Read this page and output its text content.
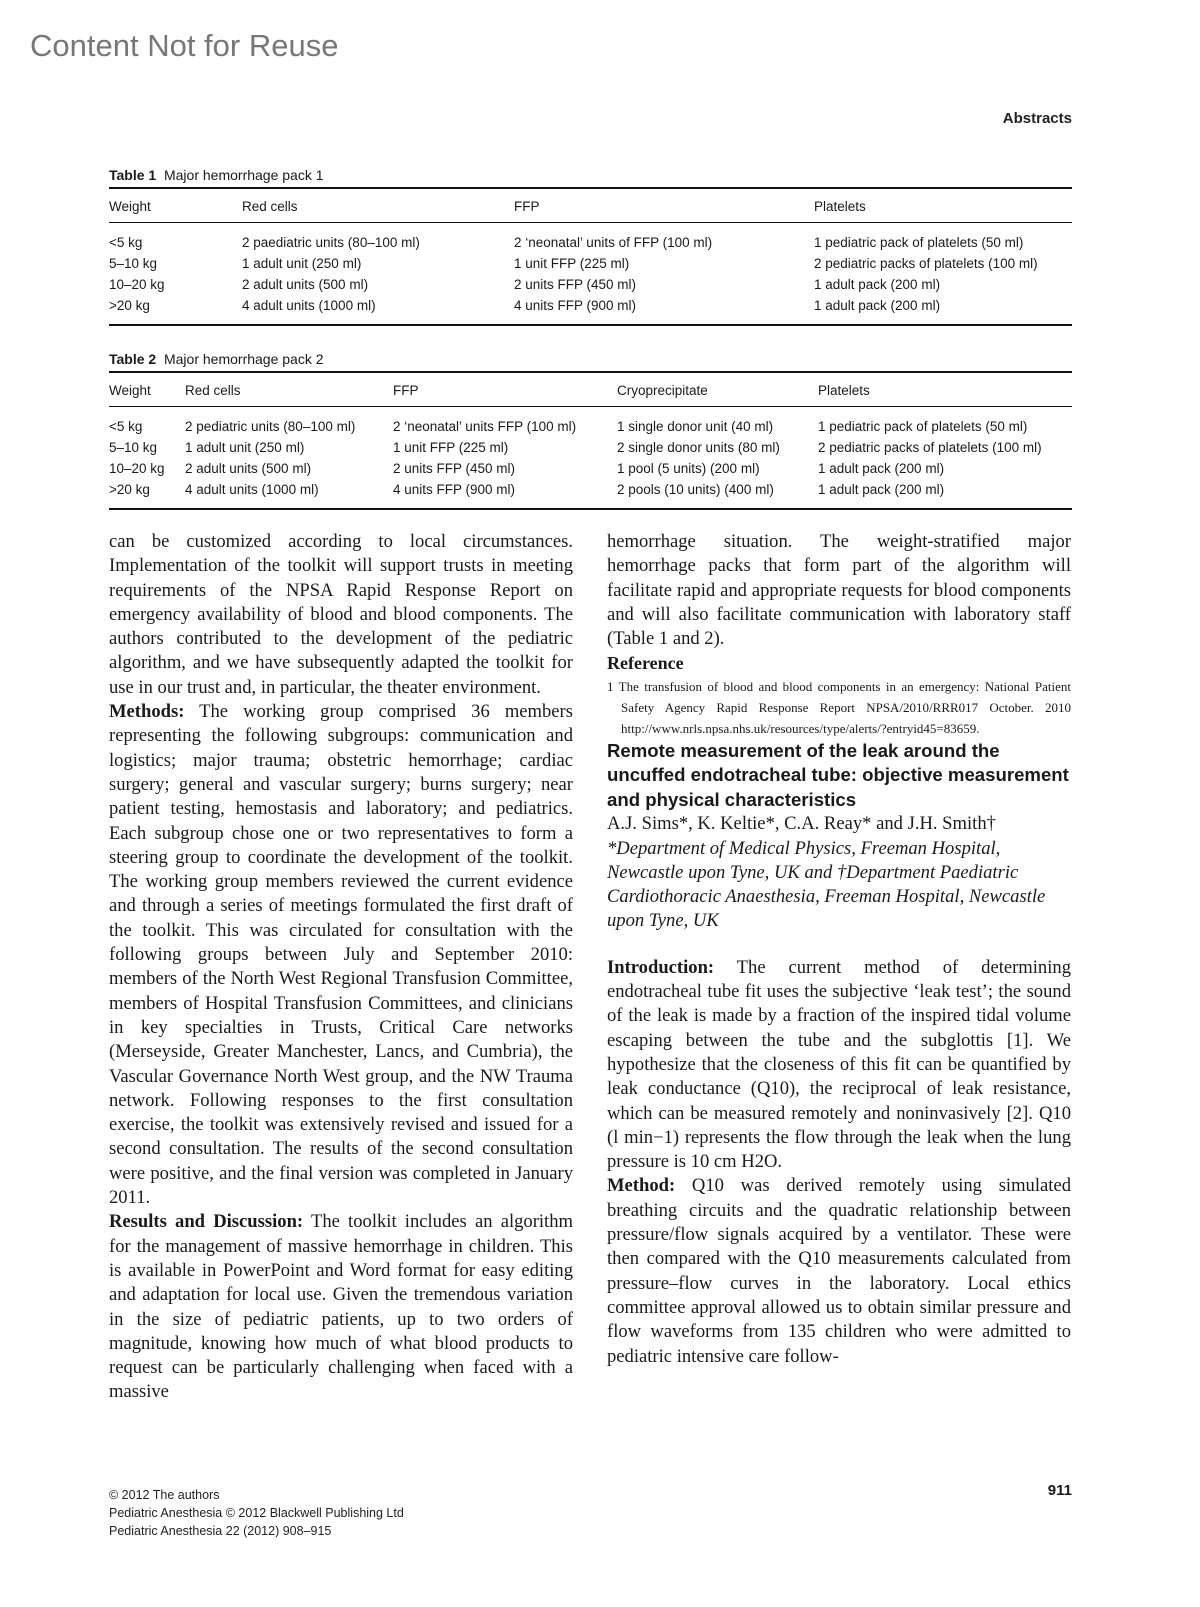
Content Not for Reuse
Abstracts
Table 1 Major hemorrhage pack 1
Weight	Red cells	FFP	Platelets
<5 kg	2 paediatric units (80–100 ml)	2 ‘neonatal’ units of FFP (100 ml)	1 pediatric pack of platelets (50 ml)
5–10 kg	1 adult unit (250 ml)	1 unit FFP (225 ml)	2 pediatric packs of platelets (100 ml)
10–20 kg	2 adult units (500 ml)	2 units FFP (450 ml)	1 adult pack (200 ml)
>20 kg	4 adult units (1000 ml)	4 units FFP (900 ml)	1 adult pack (200 ml)
Table 2 Major hemorrhage pack 2
Weight	Red cells	FFP	Cryoprecipitate	Platelets
<5 kg	2 pediatric units (80–100 ml)	2 ‘neonatal’ units FFP (100 ml)	1 single donor unit (40 ml)	1 pediatric pack of platelets (50 ml)
5–10 kg	1 adult unit (250 ml)	1 unit FFP (225 ml)	2 single donor units (80 ml)	2 pediatric packs of platelets (100 ml)
10–20 kg	2 adult units (500 ml)	2 units FFP (450 ml)	1 pool (5 units) (200 ml)	1 adult pack (200 ml)
>20 kg	4 adult units (1000 ml)	4 units FFP (900 ml)	2 pools (10 units) (400 ml)	1 adult pack (200 ml)

can be customized according to local circumstances. Implementation of the toolkit will support trusts in meeting requirements of the NPSA Rapid Response Report on emergency availability of blood and blood components. The authors contributed to the development of the pediatric algorithm, and we have subsequently adapted the toolkit for use in our trust and, in particular, the theater environment.

Methods: The working group comprised 36 members representing the following subgroups: communication and logistics; major trauma; obstetric hemorrhage; cardiac surgery; general and vascular surgery; burns surgery; near patient testing, hemostasis and laboratory; and pediatrics. Each subgroup chose one or two representatives to form a steering group to coordinate the development of the toolkit. The working group members reviewed the current evidence and through a series of meetings formulated the first draft of the toolkit. This was circulated for consultation with the following groups between July and September 2010: members of the North West Regional Transfusion Committee, members of Hospital Transfusion Committees, and clinicians in key specialties in Trusts, Critical Care networks (Merseyside, Greater Manchester, Lancs, and Cumbria), the Vascular Governance North West group, and the NW Trauma network. Following responses to the first consultation exercise, the toolkit was extensively revised and issued for a second consultation. The results of the second consultation were positive, and the final version was completed in January 2011.

Results and Discussion: The toolkit includes an algorithm for the management of massive hemorrhage in children. This is available in PowerPoint and Word format for easy editing and adaptation for local use. Given the tremendous variation in the size of pediatric patients, up to two orders of magnitude, knowing how much of what blood products to request can be particularly challenging when faced with a massive

hemorrhage situation. The weight-stratified major hemorrhage packs that form part of the algorithm will facilitate rapid and appropriate requests for blood components and will also facilitate communication with laboratory staff (Table 1 and 2).

Reference

1 The transfusion of blood and blood components in an emergency: National Patient Safety Agency Rapid Response Report NPSA/2010/RRR017 October. 2010 http://www.nrls.npsa.nhs.uk/resources/type/alerts/?entryid45=83659.

Remote measurement of the leak around the uncuffed endotracheal tube: objective measurement and physical characteristics

A.J. Sims*, K. Keltie*, C.A. Reay* and J.H. Smith†

*Department of Medical Physics, Freeman Hospital, Newcastle upon Tyne, UK and †Department Paediatric Cardiothoracic Anaesthesia, Freeman Hospital, Newcastle upon Tyne, UK

Introduction: The current method of determining endotracheal tube fit uses the subjective ‘leak test’; the sound of the leak is made by a fraction of the inspired tidal volume escaping between the tube and the subglottis [1]. We hypothesize that the closeness of this fit can be quantified by leak conductance (Q10), the reciprocal of leak resistance, which can be measured remotely and noninvasively [2]. Q10 (l min−1) represents the flow through the leak when the lung pressure is 10 cm H2O.

Method: Q10 was derived remotely using simulated breathing circuits and the quadratic relationship between pressure/flow signals acquired by a ventilator. These were then compared with the Q10 measurements calculated from pressure–flow curves in the laboratory. Local ethics committee approval allowed us to obtain similar pressure and flow waveforms from 135 children who were admitted to pediatric intensive care follow-

© 2012 The authors
Pediatric Anesthesia © 2012 Blackwell Publishing Ltd
Pediatric Anesthesia 22 (2012) 908–915
911
